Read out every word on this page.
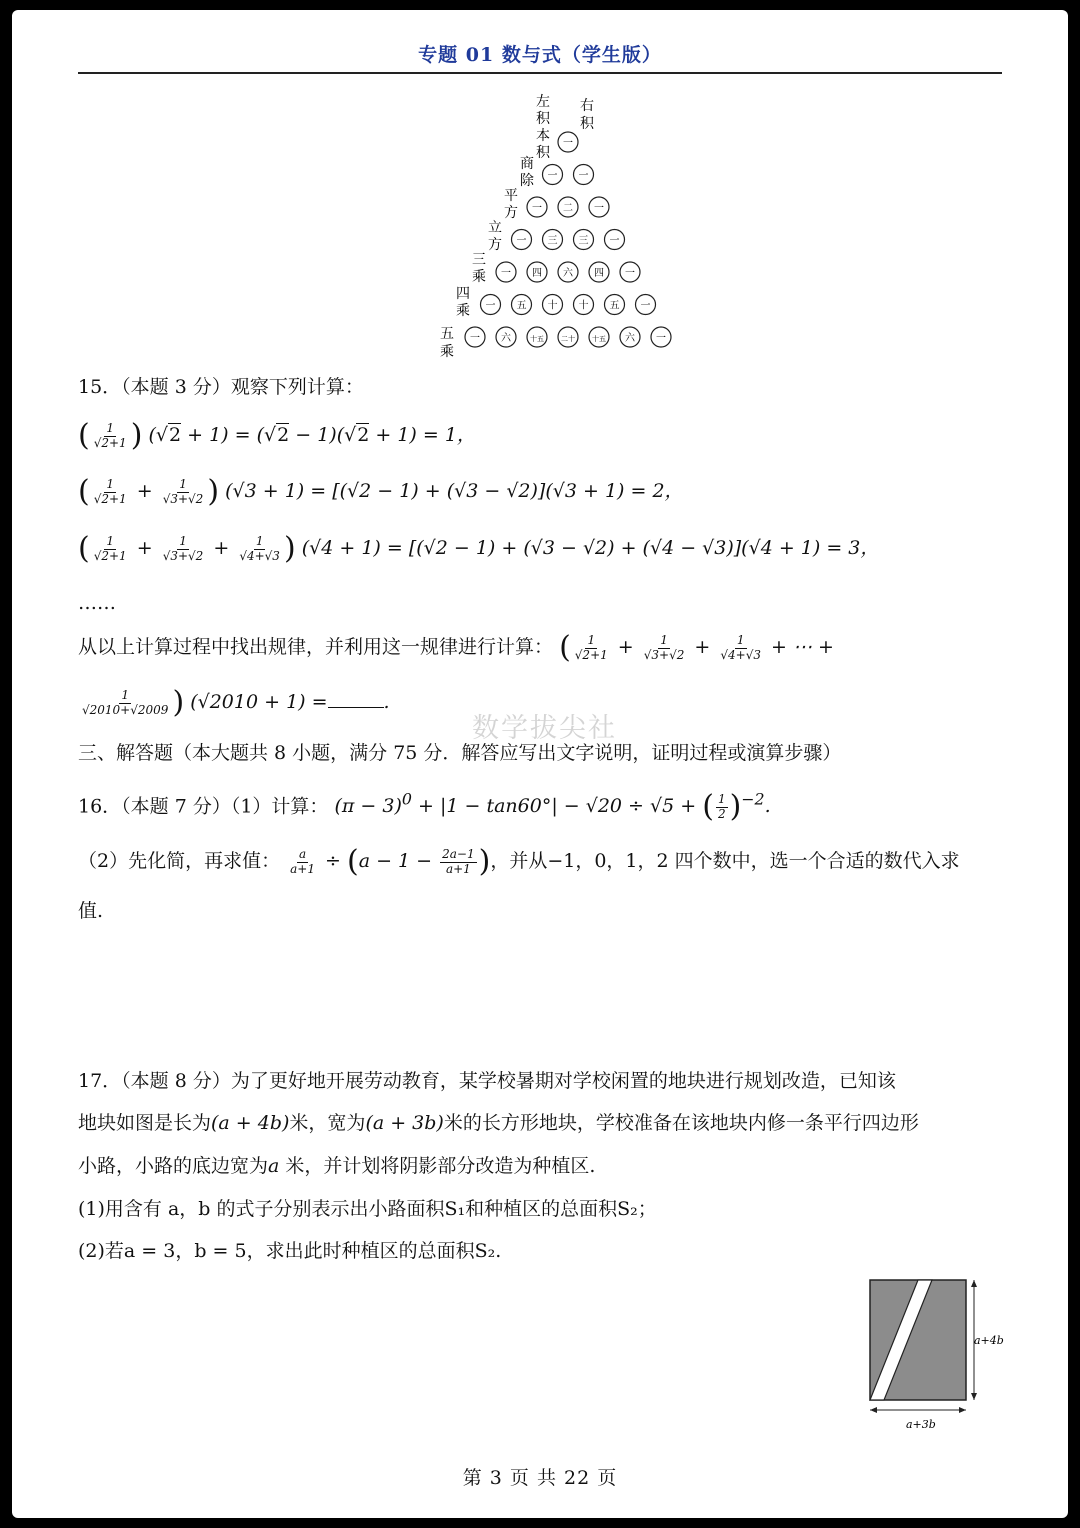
专题 01 数与式（学生版）
一
一 一
一 二 一
一 三 三 一
一 四 六 四 一
一 五 十 十 五 一
一 六	十五 二十 十五 六 一
左
积
本
积
商
除
平
方
立
方
三
乘
四
乘
五
乘
右
积
15．（本题 3 分）观察下列计算：
( $\frac{1}{√2+1}$ ) (√2 + 1) = (√2 − 1)(√2 + 1) = 1，
( $\frac{1}{√2+1} + \frac{1}{√3+√2}$ ) (√3 + 1) = [(√2 − 1) + (√3 − √2)](√3 + 1) = 2，
( $\frac{1}{√2+1} + \frac{1}{√3+√2} + \frac{1}{√4+√3}$ ) (√4 + 1) = [(√2 − 1) + (√3 − √2) + (√4 − √3)](√4 + 1) = 3，
……
从以上计算过程中找出规律，并利用这一规律进行计算： ( $\frac{1}{√2+1} + \frac{1}{√3+√2} + \frac{1}{√4+√3}$ + ⋯ +
$\frac{1}{√2010+√2009}$ ) (√2010 + 1) =	.
数学拔尖社
三、解答题（本大题共 8 小题，满分 75 分．解答应写出文字说明，证明过程或演算步骤）
16．（本题 7 分）（1）计算： $(\pi - 3)^0 + |1 - \tan 60^\circ| - √20 \div √5$ + ( $\frac{1}{2} )^{-2}$.
（2）先化简，再求值： $\frac{a}{a+1} \div (a - 1 - \frac{2a-1}{a+1}$ )，并从−1，0，1，2 四个数中，选一个合适的数代入求
值.
17．（本题 8 分）为了更好地开展劳动教育，某学校暑期对学校闲置的地块进行规划改造，已知该
地块如图是长为(a + 4b)米，宽为(a + 3b)米的长方形地块，学校准备在该地块内修一条平行四边形
小路，小路的底边宽为a 米，并计划将阴影部分改造为种植区.
(1)用含有 a，b 的式子分别表示出小路面积S₁和种植区的总面积S₂；
(2)若a = 3，b = 5，求出此时种植区的总面积S₂.
a+4b
a+3b
第 3 页 共 22 页
